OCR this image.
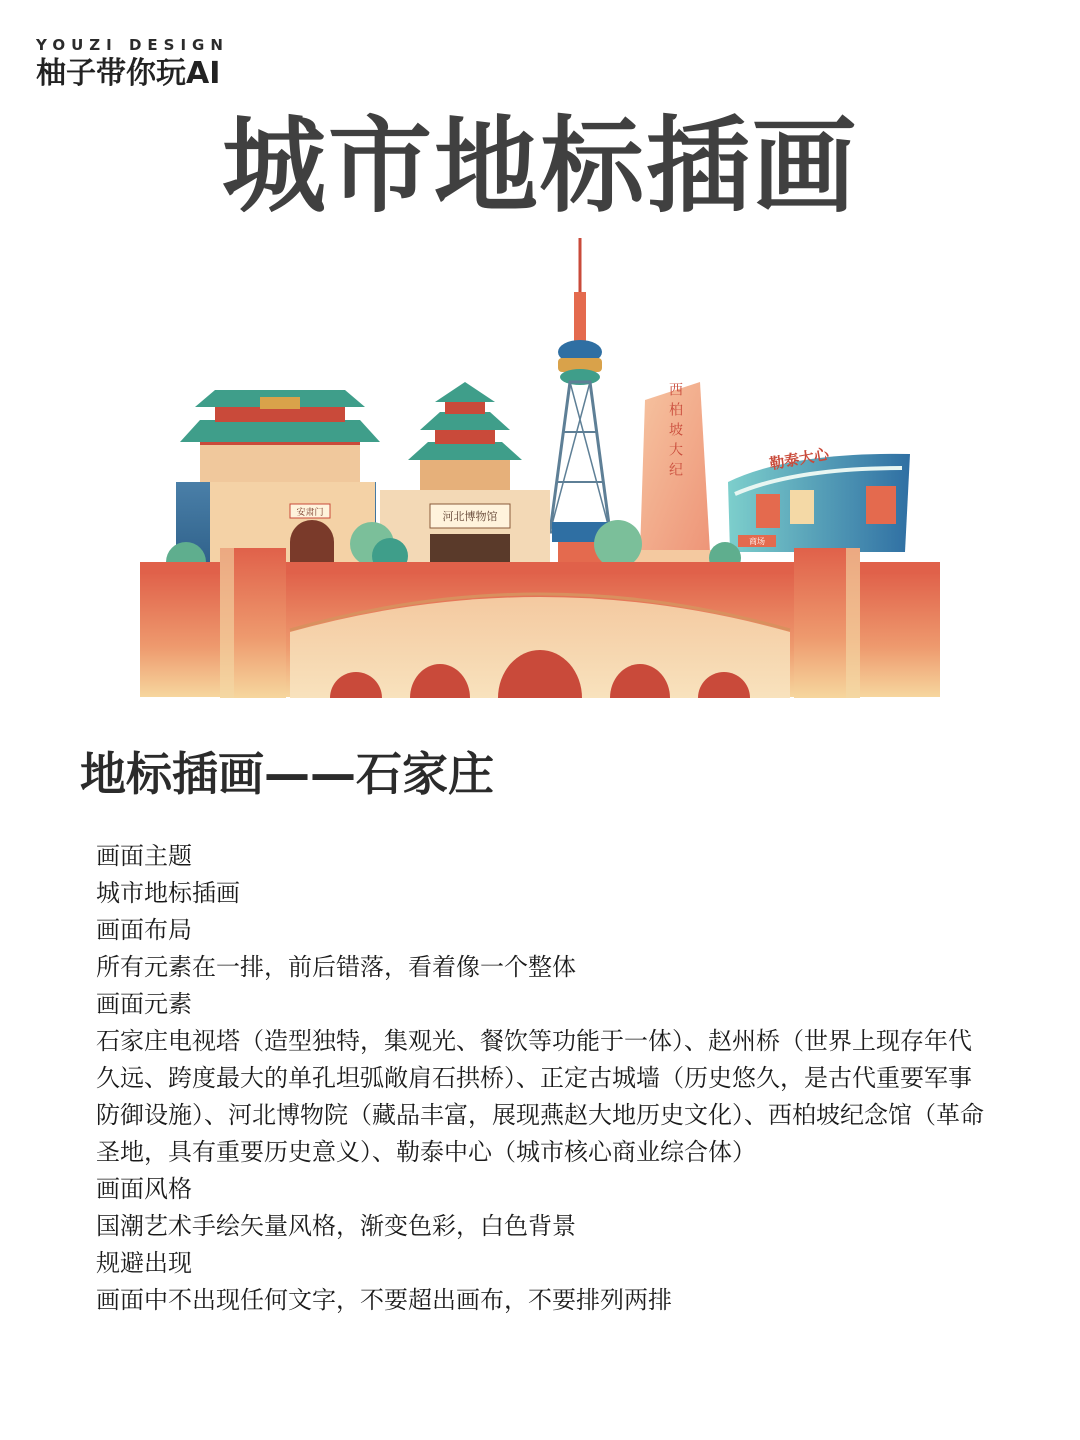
YOUZI DESIGN
柚子带你玩AI
城市地标插画
安肃门	河北博物馆
西柏坡大纪
商场
勒泰大心
地标插画——石家庄

画面主题

城市地标插画

画面布局

所有元素在一排，前后错落，看着像一个整体

画面元素

石家庄电视塔（造型独特，集观光、餐饮等功能于一体）、赵州桥（世界上现存年代久远、跨度最大的单孔坦弧敞肩石拱桥）、正定古城墙（历史悠久，是古代重要军事防御设施）、河北博物院（藏品丰富，展现燕赵大地历史文化）、西柏坡纪念馆（革命圣地，具有重要历史意义）、勒泰中心（城市核心商业综合体）

画面风格

国潮艺术手绘矢量风格，渐变色彩，白色背景

规避出现

画面中不出现任何文字，不要超出画布，不要排列两排
